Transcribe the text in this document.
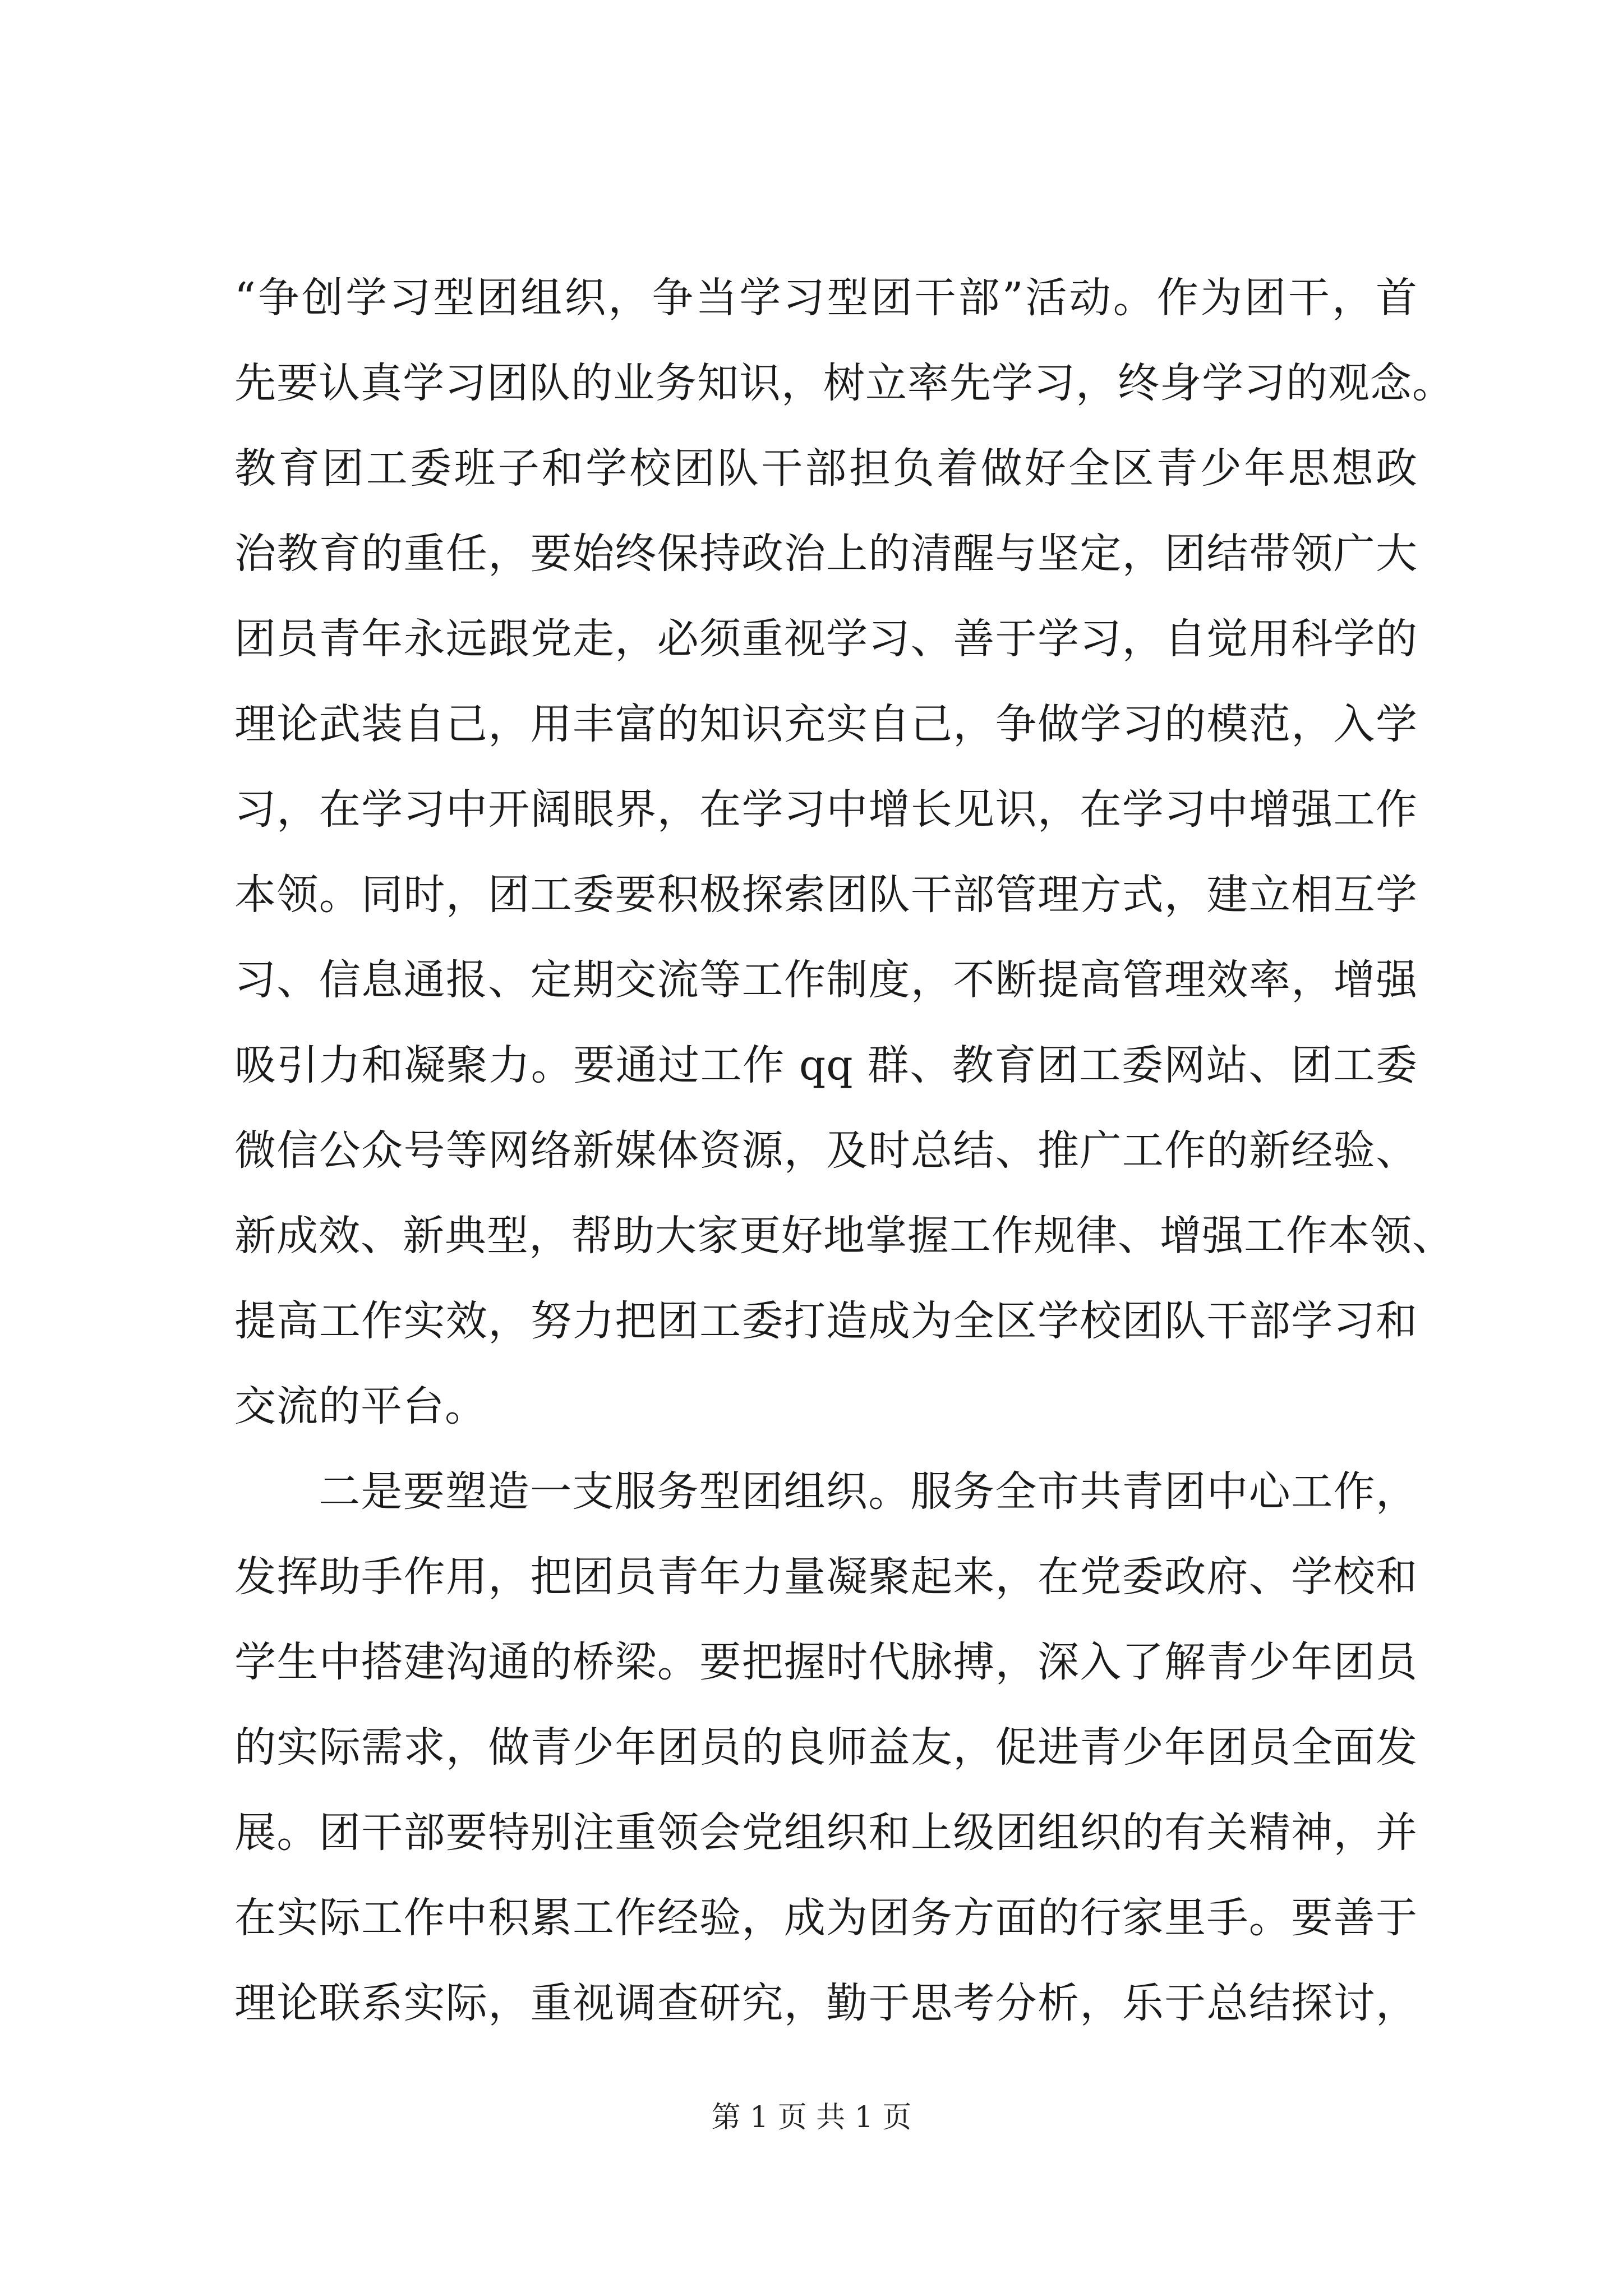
“争创学习型团组织，争当学习型团干部”活动。作为团干，首
先要认真学习团队的业务知识，树立率先学习，终身学习的观念。
教育团工委班子和学校团队干部担负着做好全区青少年思想政
治教育的重任，要始终保持政治上的清醒与坚定，团结带领广大
团员青年永远跟党走，必须重视学习、善于学习，自觉用科学的
理论武装自己，用丰富的知识充实自己，争做学习的模范，入学
习，在学习中开阔眼界，在学习中增长见识，在学习中增强工作
本领。同时，团工委要积极探索团队干部管理方式，建立相互学
习、信息通报、定期交流等工作制度，不断提高管理效率，增强
吸引力和凝聚力。要通过工作 qq 群、教育团工委网站、团工委
微信公众号等网络新媒体资源，及时总结、推广工作的新经验、
新成效、新典型，帮助大家更好地掌握工作规律、增强工作本领、
提高工作实效，努力把团工委打造成为全区学校团队干部学习和
交流的平台。
二是要塑造一支服务型团组织。服务全市共青团中心工作，
发挥助手作用，把团员青年力量凝聚起来，在党委政府、学校和
学生中搭建沟通的桥梁。要把握时代脉搏，深入了解青少年团员
的实际需求，做青少年团员的良师益友，促进青少年团员全面发
展。团干部要特别注重领会党组织和上级团组织的有关精神，并
在实际工作中积累工作经验，成为团务方面的行家里手。要善于
理论联系实际，重视调查研究，勤于思考分析，乐于总结探讨，
第 1 页 共 1 页
